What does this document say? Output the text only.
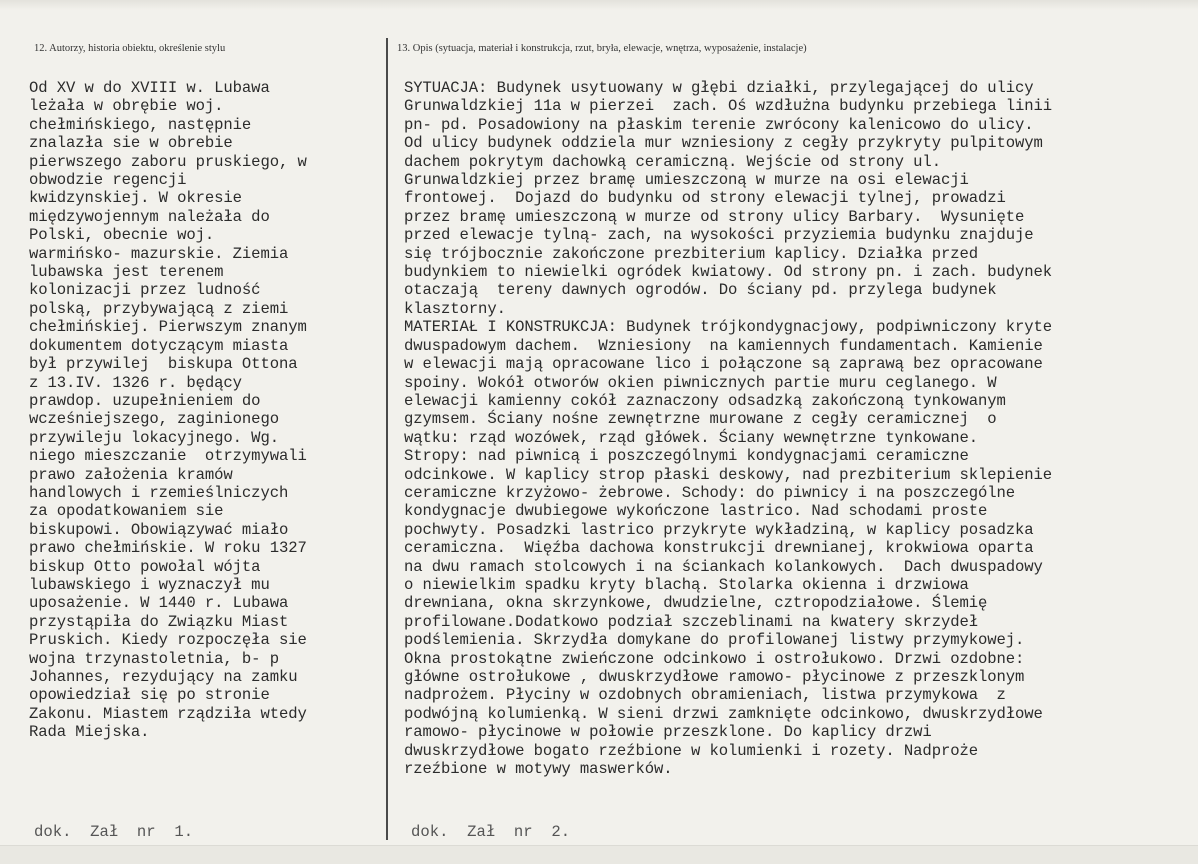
12. Autorzy, historia obiektu, określenie stylu	13. Opis (sytuacja, materiał i konstrukcja, rzut, bryła, elewacje, wnętrza, wyposażenie, instalacje)
Od XV w do XVIII w. Lubawa
leżała w obrębie woj.
chełmińskiego, następnie
znalazła sie w obrebie
pierwszego zaboru pruskiego, w
obwodzie regencji
kwidzynskiej. W okresie
międzywojennym należała do
Polski, obecnie woj.
warmińsko- mazurskie. Ziemia
lubawska jest terenem
kolonizacji przez ludność
polską, przybywającą z ziemi
chełmińskiej. Pierwszym znanym
dokumentem dotyczącym miasta
był przywilej  biskupa Ottona
z 13.IV. 1326 r. będący
prawdop. uzupełnieniem do
wcześniejszego, zaginionego
przywileju lokacyjnego. Wg.
niego mieszczanie  otrzymywali
prawo założenia kramów
handlowych i rzemieślniczych
za opodatkowaniem sie
biskupowi. Obowiązywać miało
prawo chełmińskie. W roku 1327
biskup Otto powołal wójta
lubawskiego i wyznaczył mu
uposażenie. W 1440 r. Lubawa
przystąpiła do Związku Miast
Pruskich. Kiedy rozpoczęła sie
wojna trzynastoletnia, b- p
Johannes, rezydujący na zamku
opowiedział się po stronie
Zakonu. Miastem rządziła wtedy
Rada Miejska.
SYTUACJA: Budynek usytuowany w głębi działki, przylegającej do ulicy
Grunwaldzkiej 11a w pierzei  zach. Oś wzdłużna budynku przebiega linii
pn- pd. Posadowiony na płaskim terenie zwrócony kalenicowo do ulicy.
Od ulicy budynek oddziela mur wzniesiony z cegły przykryty pulpitowym
dachem pokrytym dachowką ceramiczną. Wejście od strony ul.
Grunwaldzkiej przez bramę umieszczoną w murze na osi elewacji
frontowej.  Dojazd do budynku od strony elewacji tylnej, prowadzi
przez bramę umieszczoną w murze od strony ulicy Barbary.  Wysunięte
przed elewacje tylną- zach, na wysokości przyziemia budynku znajduje
się trójbocznie zakończone prezbiterium kaplicy. Działka przed
budynkiem to niewielki ogródek kwiatowy. Od strony pn. i zach. budynek
otaczają  tereny dawnych ogrodów. Do ściany pd. przylega budynek
klasztorny.
MATERIAŁ I KONSTRUKCJA: Budynek trójkondygnacjowy, podpiwniczony kryte
dwuspadowym dachem.  Wzniesiony  na kamiennych fundamentach. Kamienie
w elewacji mają opracowane lico i połączone są zaprawą bez opracowane
spoiny. Wokół otworów okien piwnicznych partie muru ceglanego. W
elewacji kamienny cokół zaznaczony odsadzką zakończoną tynkowanym
gzymsem. Ściany nośne zewnętrzne murowane z cegły ceramicznej  o
wątku: rząd wozówek, rząd główek. Ściany wewnętrzne tynkowane.
Stropy: nad piwnicą i poszczególnymi kondygnacjami ceramiczne
odcinkowe. W kaplicy strop płaski deskowy, nad prezbiterium sklepienie
ceramiczne krzyżowo- żebrowe. Schody: do piwnicy i na poszczególne
kondygnacje dwubiegowe wykończone lastrico. Nad schodami proste
pochwyty. Posadzki lastrico przykryte wykładziną, w kaplicy posadzka
ceramiczna.  Więźba dachowa konstrukcji drewnianej, krokwiowa oparta
na dwu ramach stolcowych i na ściankach kolankowych.  Dach dwuspadowy
o niewielkim spadku kryty blachą. Stolarka okienna i drzwiowa
drewniana, okna skrzynkowe, dwudzielne, cztropodziałowe. Ślemię
profilowane.Dodatkowo podział szczeblinami na kwatery skrzydeł
podślemienia. Skrzydła domykane do profilowanej listwy przymykowej.
Okna prostokątne zwieńczone odcinkowo i ostrołukowo. Drzwi ozdobne:
główne ostrołukowe , dwuskrzydłowe ramowo- płycinowe z przeszklonym
nadprożem. Płyciny w ozdobnych obramieniach, listwa przymykowa  z
podwójną kolumienką. W sieni drzwi zamknięte odcinkowo, dwuskrzydłowe
ramowo- płycinowe w połowie przeszklone. Do kaplicy drzwi
dwuskrzydłowe bogato rzeźbione w kolumienki i rozety. Nadproże
rzeźbione w motywy maswerków.
dok.  Zał  nr  1.	dok.  Zał  nr  2.
